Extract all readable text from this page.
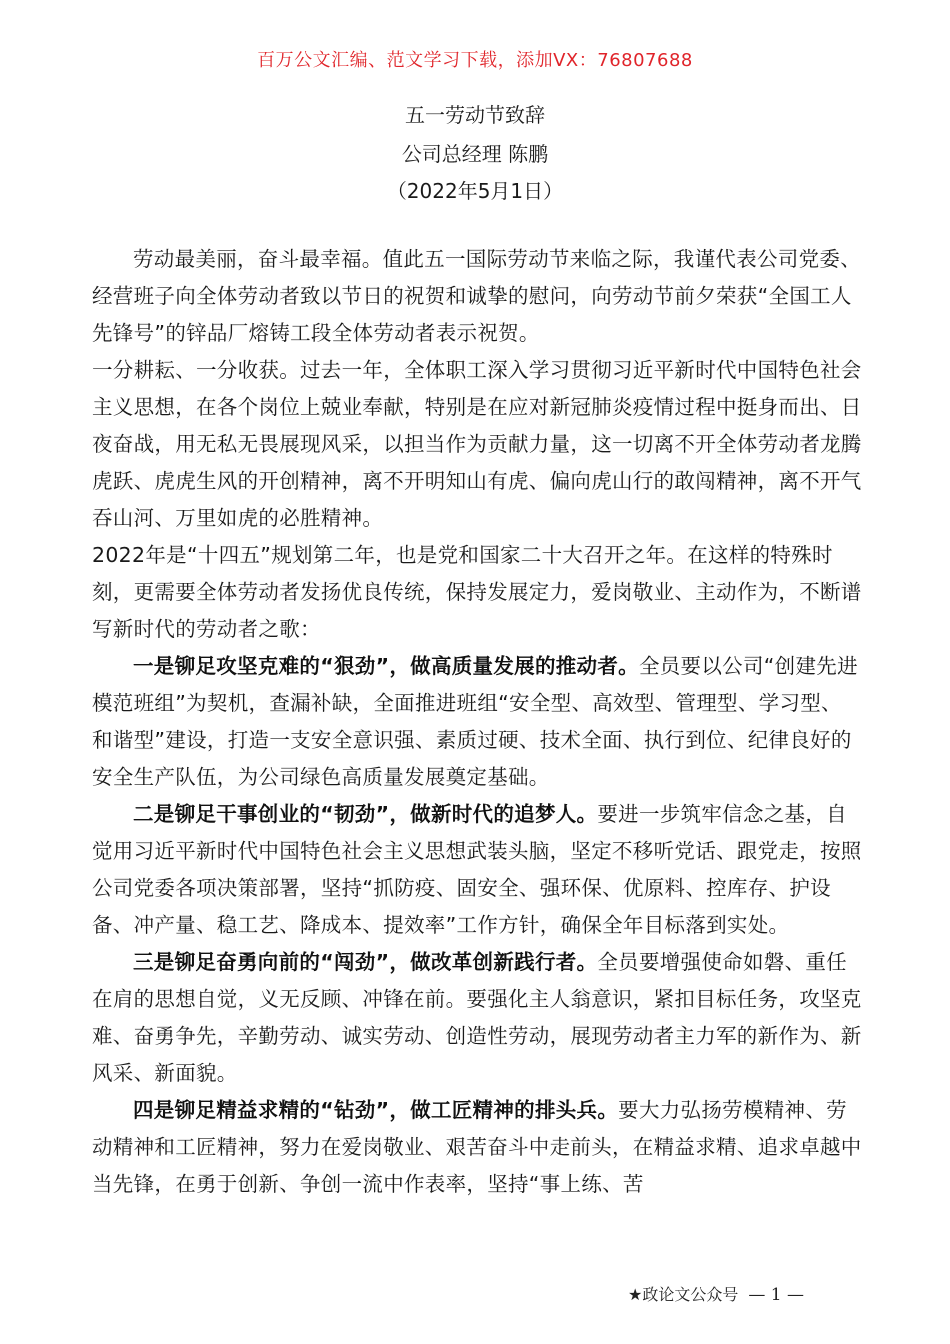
百万公文汇编、范文学习下载，添加VX：76807688
五一劳动节致辞
公司总经理 陈鹏
（2022年5月1日）

劳动最美丽，奋斗最幸福。值此五一国际劳动节来临之际，我谨代表公司党委、经营班子向全体劳动者致以节日的祝贺和诚挚的慰问，向劳动节前夕荣获“全国工人先锋号”的锌品厂熔铸工段全体劳动者表示祝贺。

一分耕耘、一分收获。过去一年，全体职工深入学习贯彻习近平新时代中国特色社会主义思想，在各个岗位上兢业奉献，特别是在应对新冠肺炎疫情过程中挺身而出、日夜奋战，用无私无畏展现风采，以担当作为贡献力量，这一切离不开全体劳动者龙腾虎跃、虎虎生风的开创精神，离不开明知山有虎、偏向虎山行的敢闯精神，离不开气吞山河、万里如虎的必胜精神。

2022年是“十四五”规划第二年，也是党和国家二十大召开之年。在这样的特殊时刻，更需要全体劳动者发扬优良传统，保持发展定力，爱岗敬业、主动作为，不断谱写新时代的劳动者之歌：

一是铆足攻坚克难的“狠劲”，做高质量发展的推动者。全员要以公司“创建先进模范班组”为契机，查漏补缺，全面推进班组“安全型、高效型、管理型、学习型、和谐型”建设，打造一支安全意识强、素质过硬、技术全面、执行到位、纪律良好的安全生产队伍，为公司绿色高质量发展奠定基础。

二是铆足干事创业的“韧劲”，做新时代的追梦人。要进一步筑牢信念之基，自觉用习近平新时代中国特色社会主义思想武装头脑，坚定不移听党话、跟党走，按照公司党委各项决策部署，坚持“抓防疫、固安全、强环保、优原料、控库存、护设备、冲产量、稳工艺、降成本、提效率”工作方针，确保全年目标落到实处。

三是铆足奋勇向前的“闯劲”，做改革创新践行者。全员要增强使命如磐、重任在肩的思想自觉，义无反顾、冲锋在前。要强化主人翁意识，紧扣目标任务，攻坚克难、奋勇争先，辛勤劳动、诚实劳动、创造性劳动，展现劳动者主力军的新作为、新风采、新面貌。

四是铆足精益求精的“钻劲”，做工匠精神的排头兵。要大力弘扬劳模精神、劳动精神和工匠精神，努力在爱岗敬业、艰苦奋斗中走前头，在精益求精、追求卓越中当先锋，在勇于创新、争创一流中作表率，坚持“事上练、苦

★政论文公众号 — 1 —
